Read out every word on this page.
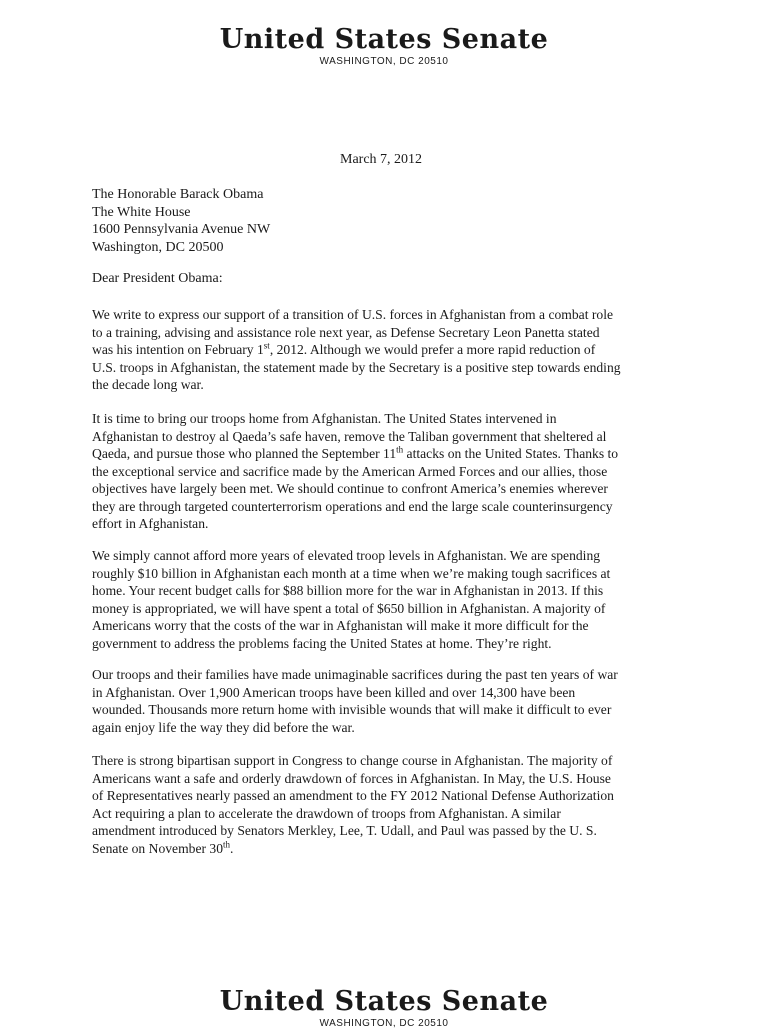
United States Senate
WASHINGTON, DC 20510
March 7, 2012
The Honorable Barack Obama
The White House
1600 Pennsylvania Avenue NW
Washington, DC 20500
Dear President Obama:
We write to express our support of a transition of U.S. forces in Afghanistan from a combat role
to a training, advising and assistance role next year, as Defense Secretary Leon Panetta stated
was his intention on February 1st, 2012. Although we would prefer a more rapid reduction of
U.S. troops in Afghanistan, the statement made by the Secretary is a positive step towards ending
the decade long war.
It is time to bring our troops home from Afghanistan. The United States intervened in
Afghanistan to destroy al Qaeda’s safe haven, remove the Taliban government that sheltered al
Qaeda, and pursue those who planned the September 11th attacks on the United States. Thanks to
the exceptional service and sacrifice made by the American Armed Forces and our allies, those
objectives have largely been met. We should continue to confront America’s enemies wherever
they are through targeted counterterrorism operations and end the large scale counterinsurgency
effort in Afghanistan.
We simply cannot afford more years of elevated troop levels in Afghanistan. We are spending
roughly $10 billion in Afghanistan each month at a time when we’re making tough sacrifices at
home. Your recent budget calls for $88 billion more for the war in Afghanistan in 2013. If this
money is appropriated, we will have spent a total of $650 billion in Afghanistan. A majority of
Americans worry that the costs of the war in Afghanistan will make it more difficult for the
government to address the problems facing the United States at home. They’re right.
Our troops and their families have made unimaginable sacrifices during the past ten years of war
in Afghanistan. Over 1,900 American troops have been killed and over 14,300 have been
wounded. Thousands more return home with invisible wounds that will make it difficult to ever
again enjoy life the way they did before the war.
There is strong bipartisan support in Congress to change course in Afghanistan. The majority of
Americans want a safe and orderly drawdown of forces in Afghanistan. In May, the U.S. House
of Representatives nearly passed an amendment to the FY 2012 National Defense Authorization
Act requiring a plan to accelerate the drawdown of troops from Afghanistan. A similar
amendment introduced by Senators Merkley, Lee, T. Udall, and Paul was passed by the U. S.
Senate on November 30th.
United States Senate
WASHINGTON, DC 20510
